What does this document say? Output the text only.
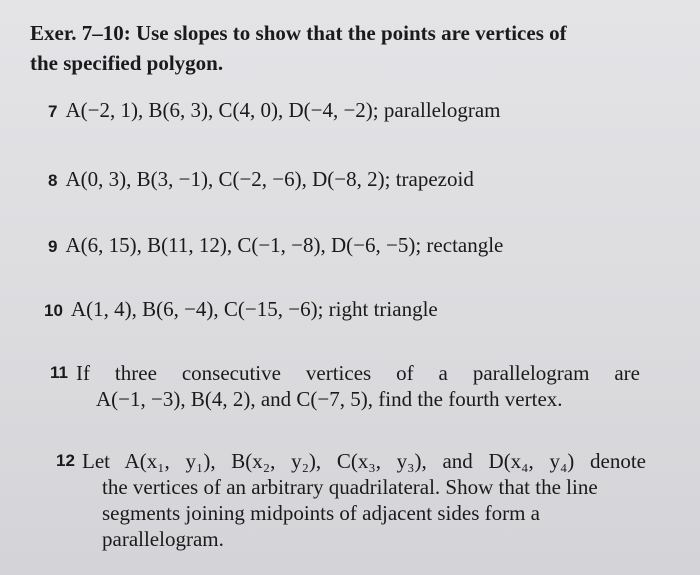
Exer. 7–10: Use slopes to show that the points are vertices of
the specified polygon.
7 A(−2, 1), B(6, 3), C(4, 0), D(−4, −2); parallelogram
8 A(0, 3), B(3, −1), C(−2, −6), D(−8, 2); trapezoid
9 A(6, 15), B(11, 12), C(−1, −8), D(−6, −5); rectangle
10 A(1, 4), B(6, −4), C(−15, −6); right triangle
11 If three consecutive vertices of a parallelogram are
A(−1, −3), B(4, 2), and C(−7, 5), find the fourth vertex.
12 Let A(x₁, y₁), B(x₂, y₂), C(x₃, y₃), and D(x₄, y₄) denote
the vertices of an arbitrary quadrilateral. Show that the line
segments joining midpoints of adjacent sides form a
parallelogram.
